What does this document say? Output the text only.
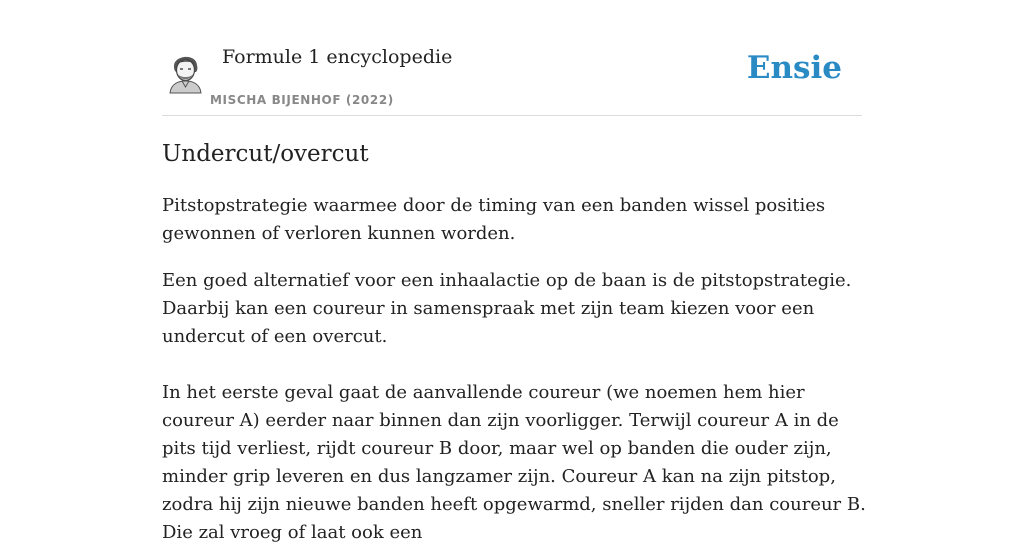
Formule 1 encyclopedie
MISCHA BIJENHOF (2022)
Ensie
Undercut/overcut

Pitstopstrategie waarmee door de timing van een banden wissel posities gewonnen of verloren kunnen worden.

Een goed alternatief voor een inhaalactie op de baan is de pitstopstrategie. Daarbij kan een coureur in samenspraak met zijn team kiezen voor een undercut of een overcut.

In het eerste geval gaat de aanvallende coureur (we noemen hem hier coureur A) eerder naar binnen dan zijn voorligger. Terwijl coureur A in de pits tijd verliest, rijdt coureur B door, maar wel op banden die ouder zijn, minder grip leveren en dus langzamer zijn. Coureur A kan na zijn pitstop, zodra hij zijn nieuwe banden heeft opgewarmd, sneller rijden dan coureur B. Die zal vroeg of laat ook een
